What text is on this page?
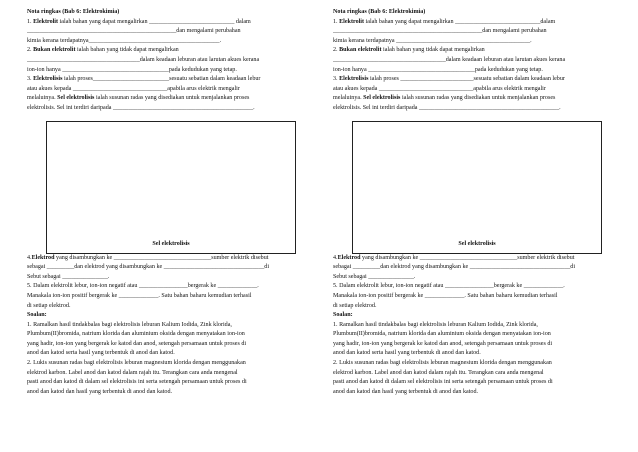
Nota ringkas (Bab 6: Elektrokimia)

1. Elektrolit ialah bahan yang dapat mengalirkan ____________________________ dalam

_________________________________________________dan mengalami perubahan

kimia kerana terdapatnya___________________________________________.

2. Bukan elektrolit ialah bahan yang tidak dapat mengalirkan

_____________________________________dalam keadaan leburan atau larutan akues kerana

ion-ion hanya ___________________________________pada kedudukan yang tetap.

3. Elektrolisis ialah proses_________________________sesuatu sebatian dalam keadaan lebur

atau akues kepada _______________________________apabila arus elektrik mengalir

melaluinya. Sel elektrolisis ialah susunan radas yang disediakan untuk menjalankan proses

elektrolisis. Sel ini terdiri daripada ______________________________________________.

Sel elektrolisis

4.Elektrod yang disambungkan ke ________________________________sumber elektrik disebut

sebagai _________dan elektrod yang disambungkan ke _________________________________di

Sebut sebagai _______________.

5. Dalam elektrolit lebur, ion-ion negatif atau ________________bergerak ke _____________.

Manakala ion-ion positif bergerak ke _____________. Satu bahan baharu kemudian terhasil

di setiap elektrod.

Soalan:

1. Ramalkan hasil tindakbalas bagi elektrolisis leburan Kalium Iodida, Zink klorida,

Plumbum(II)bromida, natrium klorida dan aluminium oksida dengan menyatakan ion-ion

yang hadir, ion-ion yang bergerak ke katod dan anod, setengah persamaan untuk proses di

anod dan katod serta hasil yang terbentuk di anod dan katod.

2. Lukis susunan radas bagi elektrolisis leburan magnesium klorida dengan menggunakan

elektrod karbon. Label anod dan katod dalam rajah itu. Terangkan cara anda mengenal

pasti anod dan katod di dalam sel elektrolisis ini serta setengah persamaan untuk proses di

anod dan katod dan hasil yang terbentuk di anod dan katod.

Nota ringkas (Bab 6: Elektrokimia)

1. Elektrolit ialah bahan yang dapat mengalirkan ____________________________dalam

_________________________________________________dan mengalami perubahan

kimia kerana terdapatnya ____________________________________________.

2. Bukan elektrolit ialah bahan yang tidak dapat mengalirkan

_____________________________________dalam keadaan leburan atau larutan akues kerana

ion-ion hanya ___________________________________pada kedudukan yang tetap.

3. Elektrolisis ialah proses ________________________sesuatu sebatian dalam keadaan lebur

atau akues kepada _______________________________apabila arus elektrik mengalir

melaluinya. Sel elektrolisis ialah susunan radas yang disediakan untuk menjalankan proses

elektrolisis. Sel ini terdiri daripada ______________________________________________.

Sel elektrolisis

4.Elektrod yang disambungkan ke ________________________________sumber elektrik disebut

sebagai _________dan elektrod yang disambungkan ke _________________________________di

Sebut sebagai _______________.

5. Dalam elektrolit lebur, ion-ion negatif atau ________________bergerak ke _____________.

Manakala ion-ion positif bergerak ke _____________. Satu bahan baharu kemudian terhasil

di setiap elektrod.

Soalan:

1. Ramalkan hasil tindakbalas bagi elektrolisis leburan Kalium Iodida, Zink klorida,

Plumbum(II)bromida, natrium klorida dan aluminium oksida dengan menyatakan ion-ion

yang hadir, ion-ion yang bergerak ke katod dan anod, setengah persamaan untuk proses di

anod dan katod serta hasil yang terbentuk di anod dan katod.

2. Lukis susunan radas bagi elektrolisis leburan magnesium klorida dengan menggunakan

elektrod karbon. Label anod dan katod dalam rajah itu. Terangkan cara anda mengenal

pasti anod dan katod di dalam sel elektrolisis ini serta setengah persamaan untuk proses di

anod dan katod dan hasil yang terbentuk di anod dan katod.
